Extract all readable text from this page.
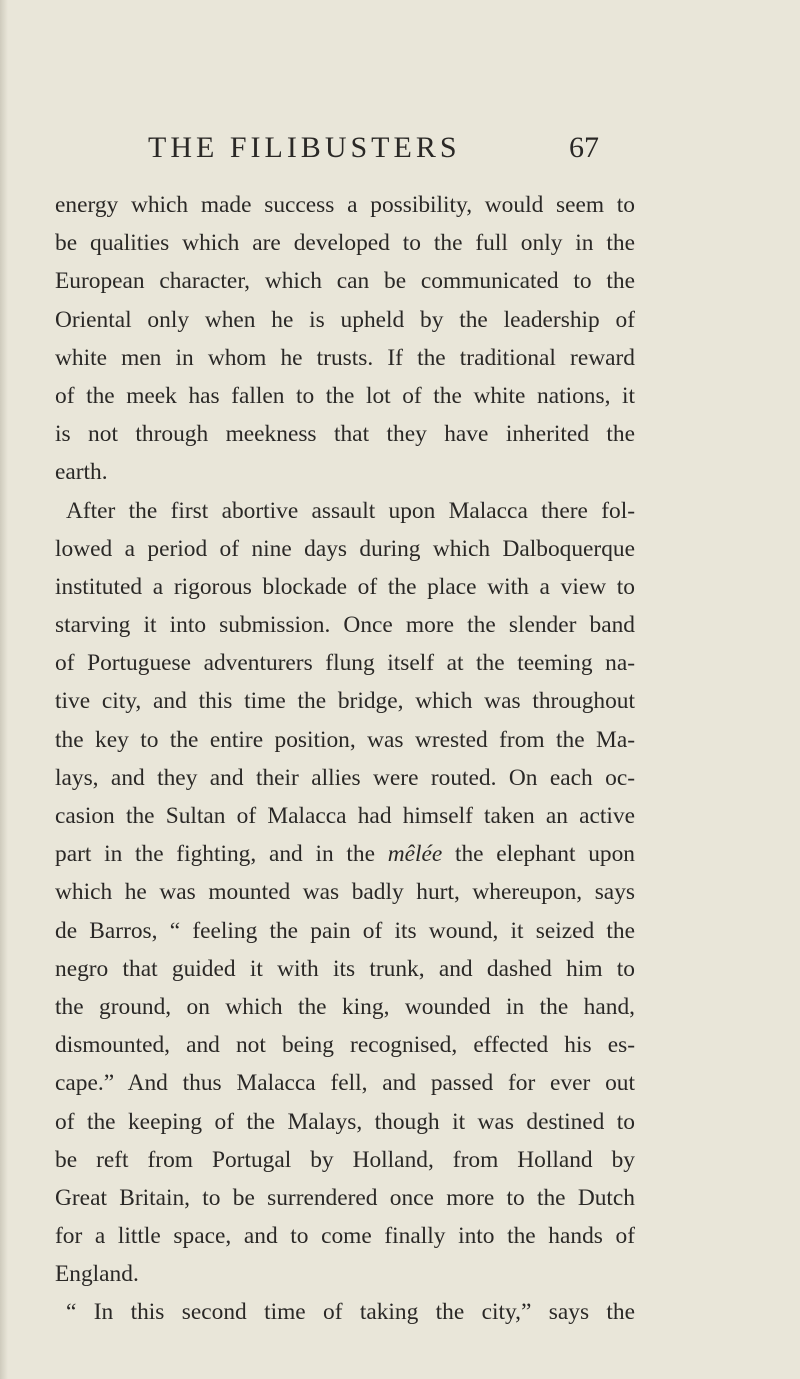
THE FILIBUSTERS	67
energy which made success a possibility, would seem to
be qualities which are developed to the full only in the
European character, which can be communicated to the
Oriental only when he is upheld by the leadership of
white men in whom he trusts. If the traditional reward
of the meek has fallen to the lot of the white nations, it
is not through meekness that they have inherited the
earth.
After the first abortive assault upon Malacca there fol-
lowed a period of nine days during which Dalboquerque
instituted a rigorous blockade of the place with a view to
starving it into submission. Once more the slender band
of Portuguese adventurers flung itself at the teeming na-
tive city, and this time the bridge, which was throughout
the key to the entire position, was wrested from the Ma-
lays, and they and their allies were routed. On each oc-
casion the Sultan of Malacca had himself taken an active
part in the fighting, and in the mêlée the elephant upon
which he was mounted was badly hurt, whereupon, says
de Barros, “ feeling the pain of its wound, it seized the
negro that guided it with its trunk, and dashed him to
the ground, on which the king, wounded in the hand,
dismounted, and not being recognised, effected his es-
cape.” And thus Malacca fell, and passed for ever out
of the keeping of the Malays, though it was destined to
be reft from Portugal by Holland, from Holland by
Great Britain, to be surrendered once more to the Dutch
for a little space, and to come finally into the hands of
England.
“ In this second time of taking the city,” says the
